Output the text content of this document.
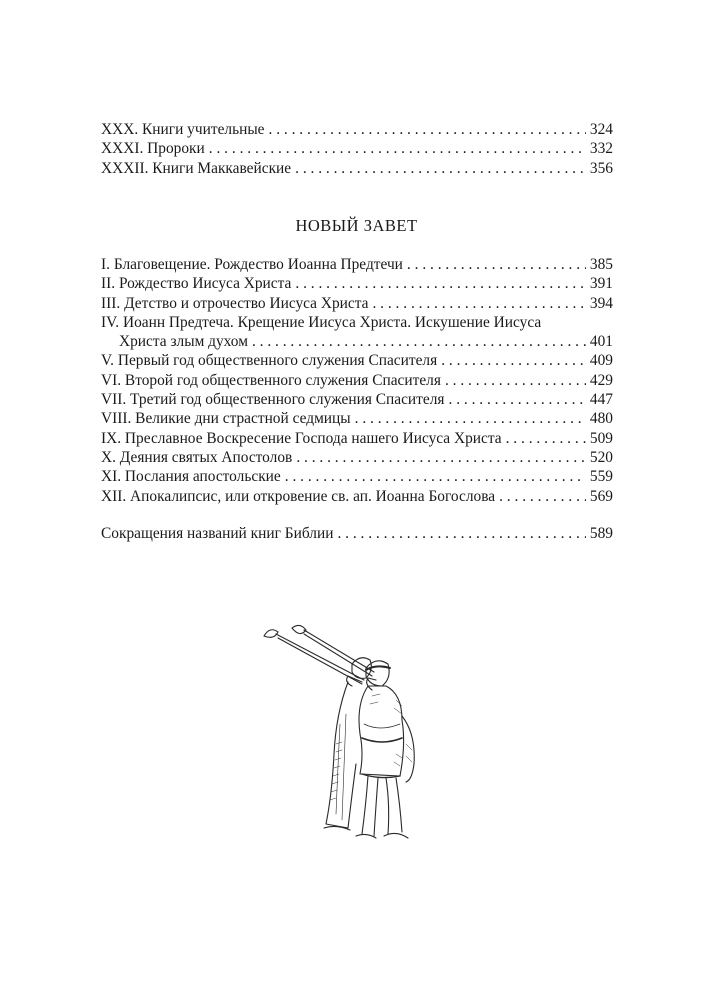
XXX. Книги учительные . . .	324
XXXI. Пророки . . .	332
XXXII. Книги Маккавейские . . .	356
НОВЫЙ ЗАВЕТ
I. Благовещение. Рождество Иоанна Предтечи . . .	385
II. Рождество Иисуса Христа . . .	391
III. Детство и отрочество Иисуса Христа . . .	394
IV. Иоанн Предтеча. Крещение Иисуса Христа. Искушение Иисуса
Христа злым духом . . .	401
V. Первый год общественного служения Спасителя . . .	409
VI. Второй год общественного служения Спасителя . . .	429
VII. Третий год общественного служения Спасителя . . .	447
VIII. Великие дни страстной седмицы . . .	480
IX. Преславное Воскресение Господа нашего Иисуса Христа . . .	509
X. Деяния святых Апостолов . . .	520
XI. Послания апостольские . . .	559
XII. Апокалипсис, или откровение св. ап. Иоанна Богослова . . .	569
Сокращения названий книг Библии . . .	589
